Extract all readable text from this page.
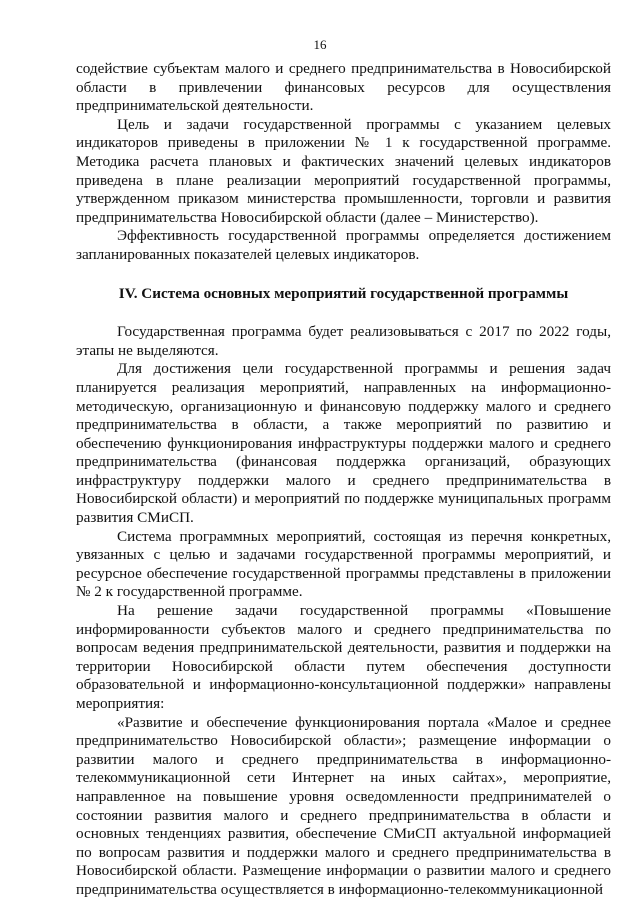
16

содействие субъектам малого и среднего предпринимательства в Новосибирской области в привлечении финансовых ресурсов для осуществления предпринимательской деятельности.

Цель и задачи государственной программы с указанием целевых индикаторов приведены в приложении № 1 к государственной программе. Методика расчета плановых и фактических значений целевых индикаторов приведена в плане реализации мероприятий государственной программы, утвержденном приказом министерства промышленности, торговли и развития предпринимательства Новосибирской области (далее – Министерство).

Эффективность государственной программы определяется достижением запланированных показателей целевых индикаторов.

IV. Система основных мероприятий государственной программы

Государственная программа будет реализовываться с 2017 по 2022 годы, этапы не выделяются.

Для достижения цели государственной программы и решения задач планируется реализация мероприятий, направленных на информационно-методическую, организационную и финансовую поддержку малого и среднего предпринимательства в области, а также мероприятий по развитию и обеспечению функционирования инфраструктуры поддержки малого и среднего предпринимательства (финансовая поддержка организаций, образующих инфраструктуру поддержки малого и среднего предпринимательства в Новосибирской области) и мероприятий по поддержке муниципальных программ развития СМиСП.

Система программных мероприятий, состоящая из перечня конкретных, увязанных с целью и задачами государственной программы мероприятий, и ресурсное обеспечение государственной программы представлены в приложении № 2 к государственной программе.

На решение задачи государственной программы «Повышение информированности субъектов малого и среднего предпринимательства по вопросам ведения предпринимательской деятельности, развития и поддержки на территории Новосибирской области путем обеспечения доступности образовательной и информационно-консультационной поддержки» направлены мероприятия:

«Развитие и обеспечение функционирования портала «Малое и среднее предпринимательство Новосибирской области»; размещение информации о развитии малого и среднего предпринимательства в информационно-телекоммуникационной сети Интернет на иных сайтах», мероприятие, направленное на повышение уровня осведомленности предпринимателей о состоянии развития малого и среднего предпринимательства в области и основных тенденциях развития, обеспечение СМиСП актуальной информацией по вопросам развития и поддержки малого и среднего предпринимательства в Новосибирской области. Размещение информации о развитии малого и среднего предпринимательства осуществляется в информационно-телекоммуникационной
